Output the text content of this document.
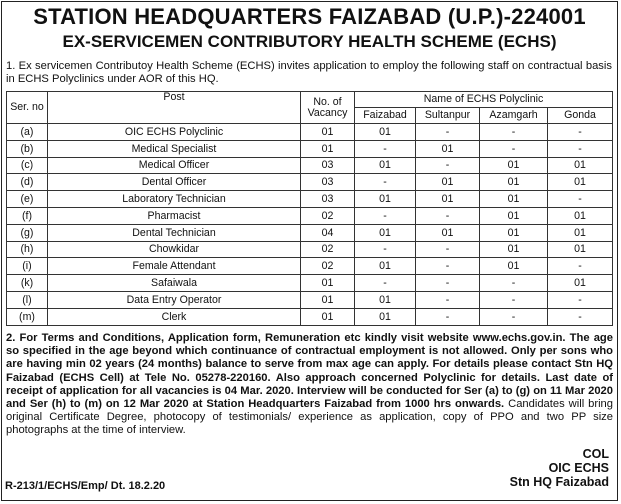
STATION HEADQUARTERS FAIZABAD (U.P.)-224001
EX-SERVICEMEN CONTRIBUTORY HEALTH SCHEME (ECHS)
1. Ex servicemen Contributoy Health Scheme (ECHS) invites application to employ the following staff on contractual basis in ECHS Polyclinics under AOR of this HQ.
Ser. no	Post	No. of Vacancy	Name of ECHS Polyclinic			
			Faizabad	Sultanpur	Azamgarh	Gonda
(a)	OIC ECHS Polyclinic	01	01	-	-	-
(b)	Medical Specialist	01	-	01	-	-
(c)	Medical Officer	03	01	-	01	01
(d)	Dental Officer	03	-	01	01	01
(e)	Laboratory Technician	03	01	01	01	-
(f)	Pharmacist	02	-	-	01	01
(g)	Dental Technician	04	01	01	01	01
(h)	Chowkidar	02	-	-	01	01
(i)	Female Attendant	02	01	-	01	-
(k)	Safaiwala	01	-	-	-	01
(l)	Data Entry Operator	01	01	-	-	-
(m)	Clerk	01	01	-	-	-
2. For Terms and Conditions, Application form, Remuneration etc kindly visit website www.echs.gov.in. The age so specified in the age beyond which continuance of contractual employment is not allowed. Only per sons who are having min 02 years (24 months) balance to serve from max age can apply. For details please contact Stn HQ Faizabad (ECHS Cell) at Tele No. 05278-220160. Also approach concerned Polyclinic for details. Last date of receipt of application for all vacancies is 04 Mar. 2020. Interview will be conducted for Ser (a) to (g) on 11 Mar 2020 and Ser (h) to (m) on 12 Mar 2020 at Station Headquarters Faizabad from 1000 hrs onwards. Candidates will bring original Certificate Degree, photocopy of testimonials/ experience as application, copy of PPO and two PP size photographs at the time of interview.
COL
OIC ECHS
Stn HQ Faizabad
R-213/1/ECHS/Emp/ Dt. 18.2.20
